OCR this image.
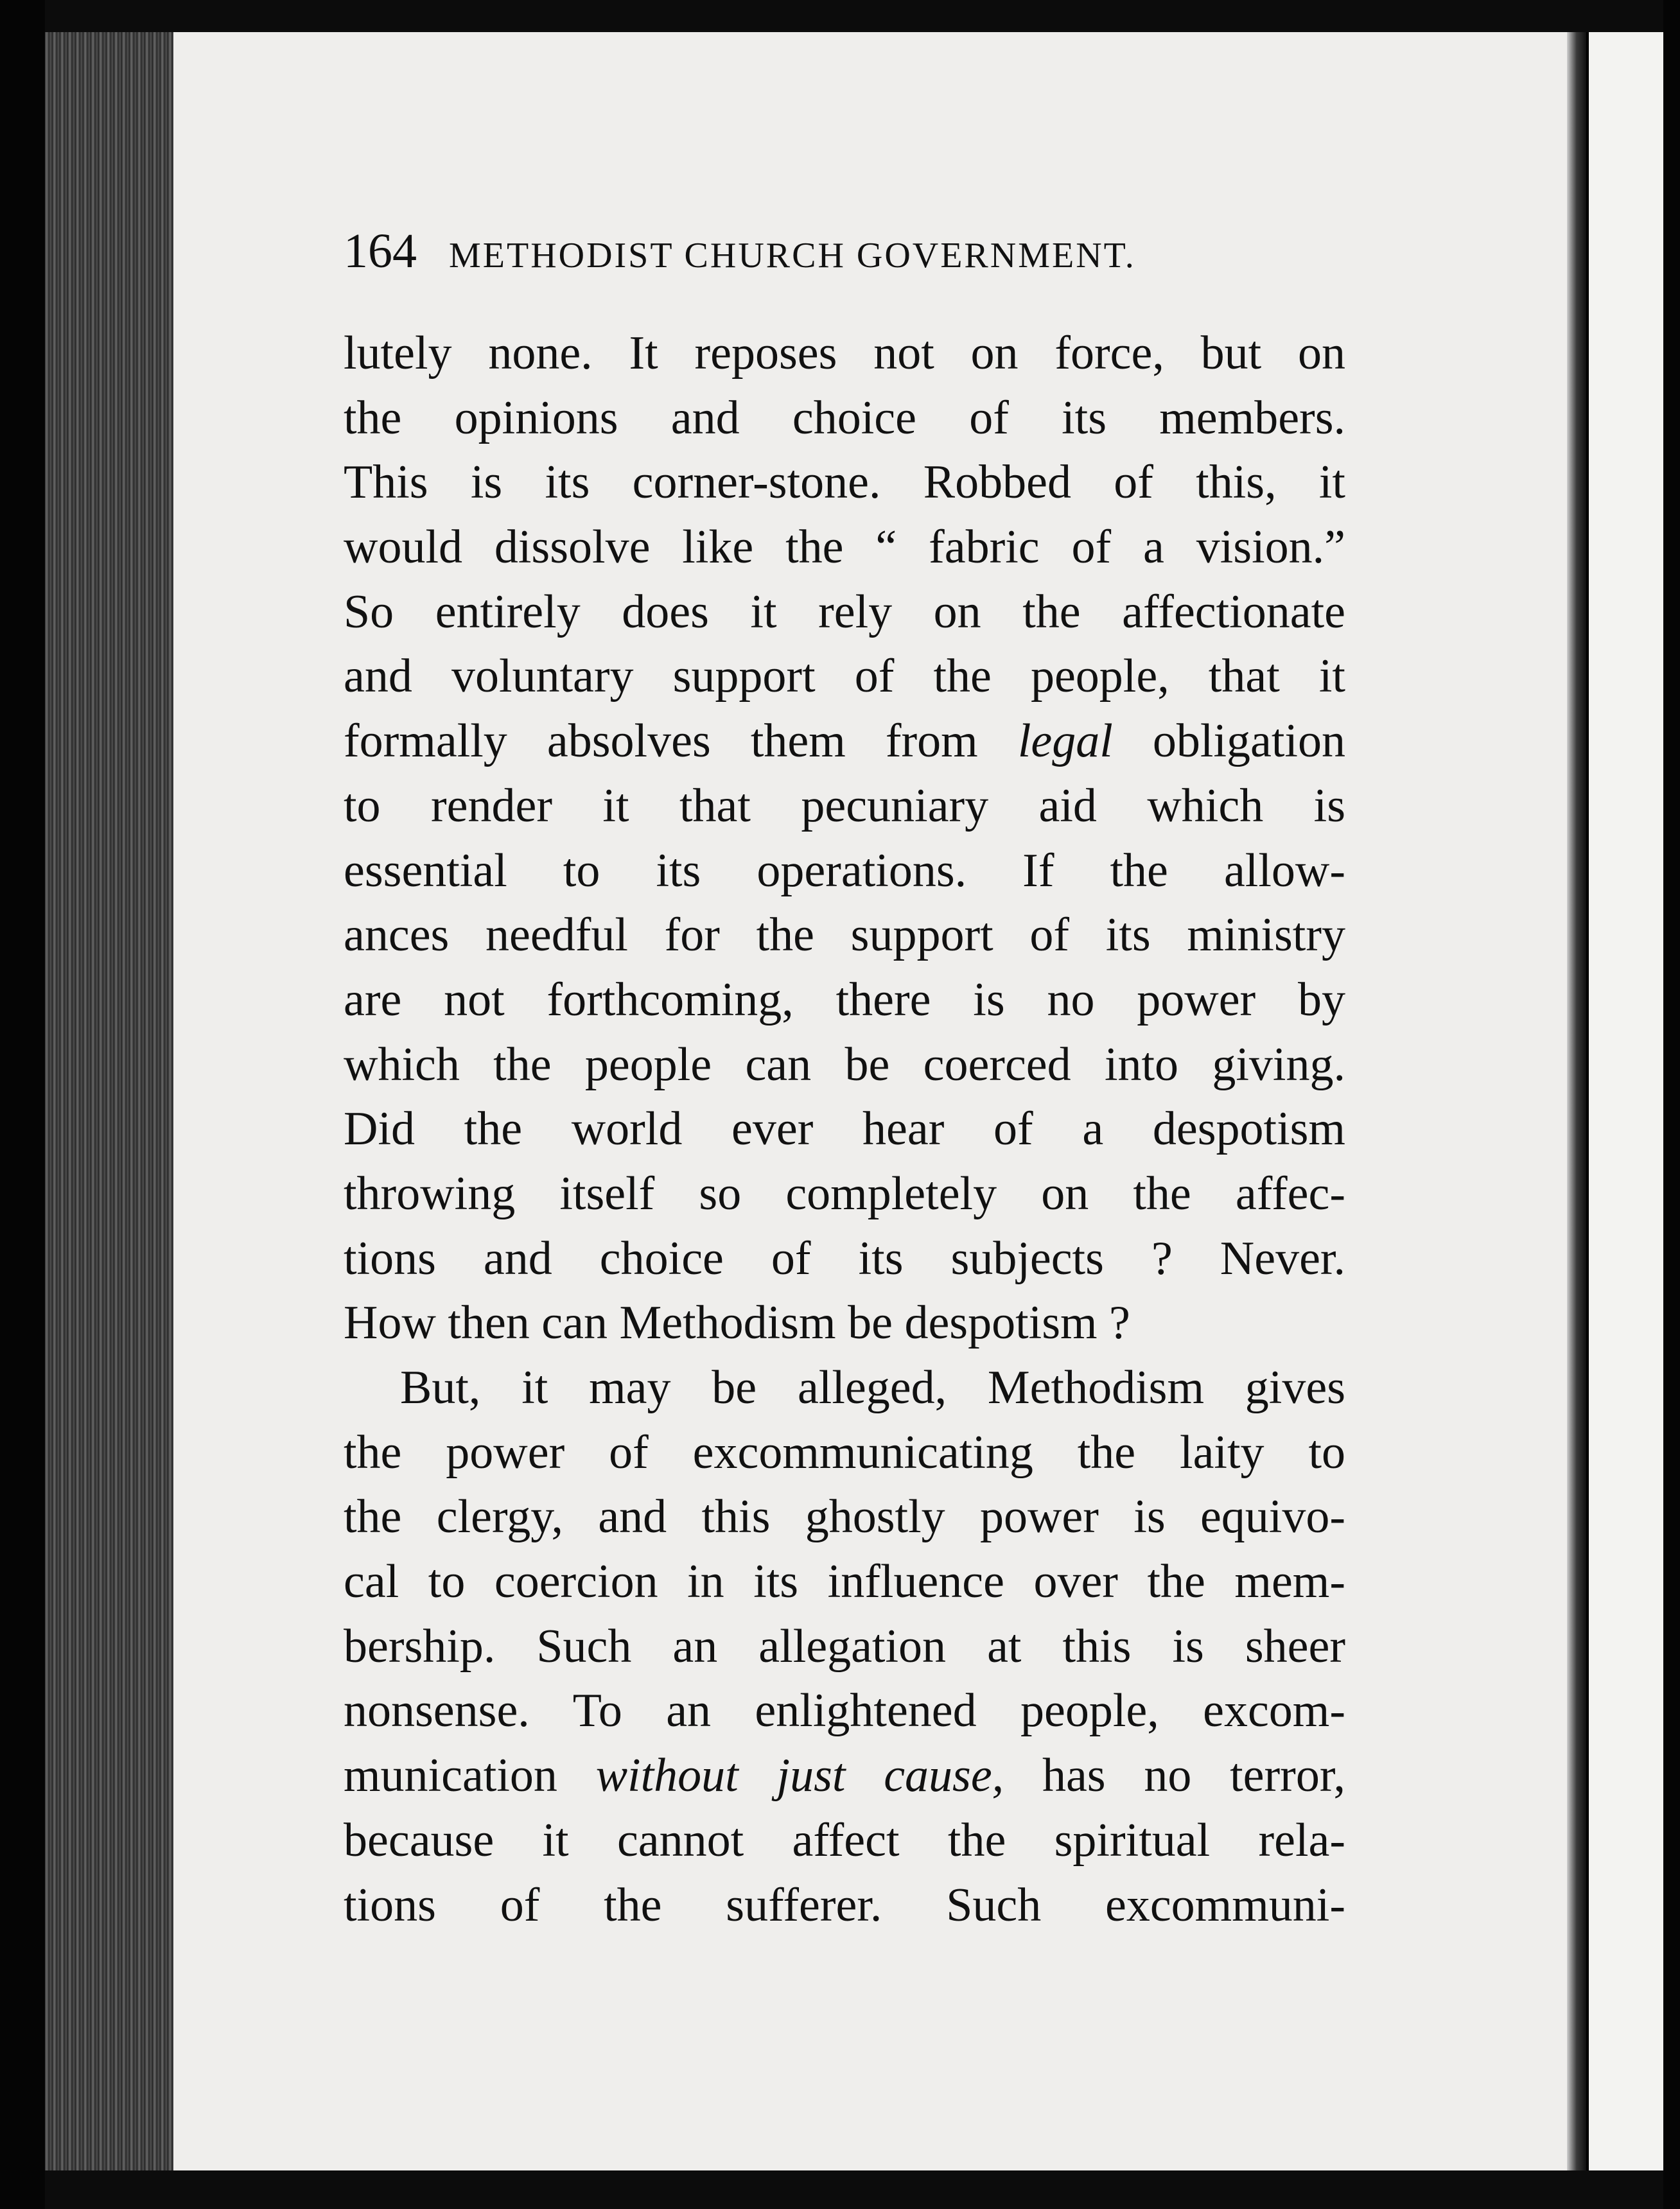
164 METHODIST CHURCH GOVERNMENT.
lutely none. It reposes not on force, but on
the opinions and choice of its members.
This is its corner-stone. Robbed of this, it
would dissolve like the “ fabric of a vision.”
So entirely does it rely on the affectionate
and voluntary support of the people, that it
formally absolves them from legal obligation
to render it that pecuniary aid which is
essential to its operations. If the allow-
ances needful for the support of its ministry
are not forthcoming, there is no power by
which the people can be coerced into giving.
Did the world ever hear of a despotism
throwing itself so completely on the affec-
tions and choice of its subjects ? Never.
How then can Methodism be despotism ?
But, it may be alleged, Methodism gives
the power of excommunicating the laity to
the clergy, and this ghostly power is equivo-
cal to coercion in its influence over the mem-
bership. Such an allegation at this is sheer
nonsense. To an enlightened people, excom-
munication without just cause, has no terror,
because it cannot affect the spiritual rela-
tions of the sufferer. Such excommuni-
